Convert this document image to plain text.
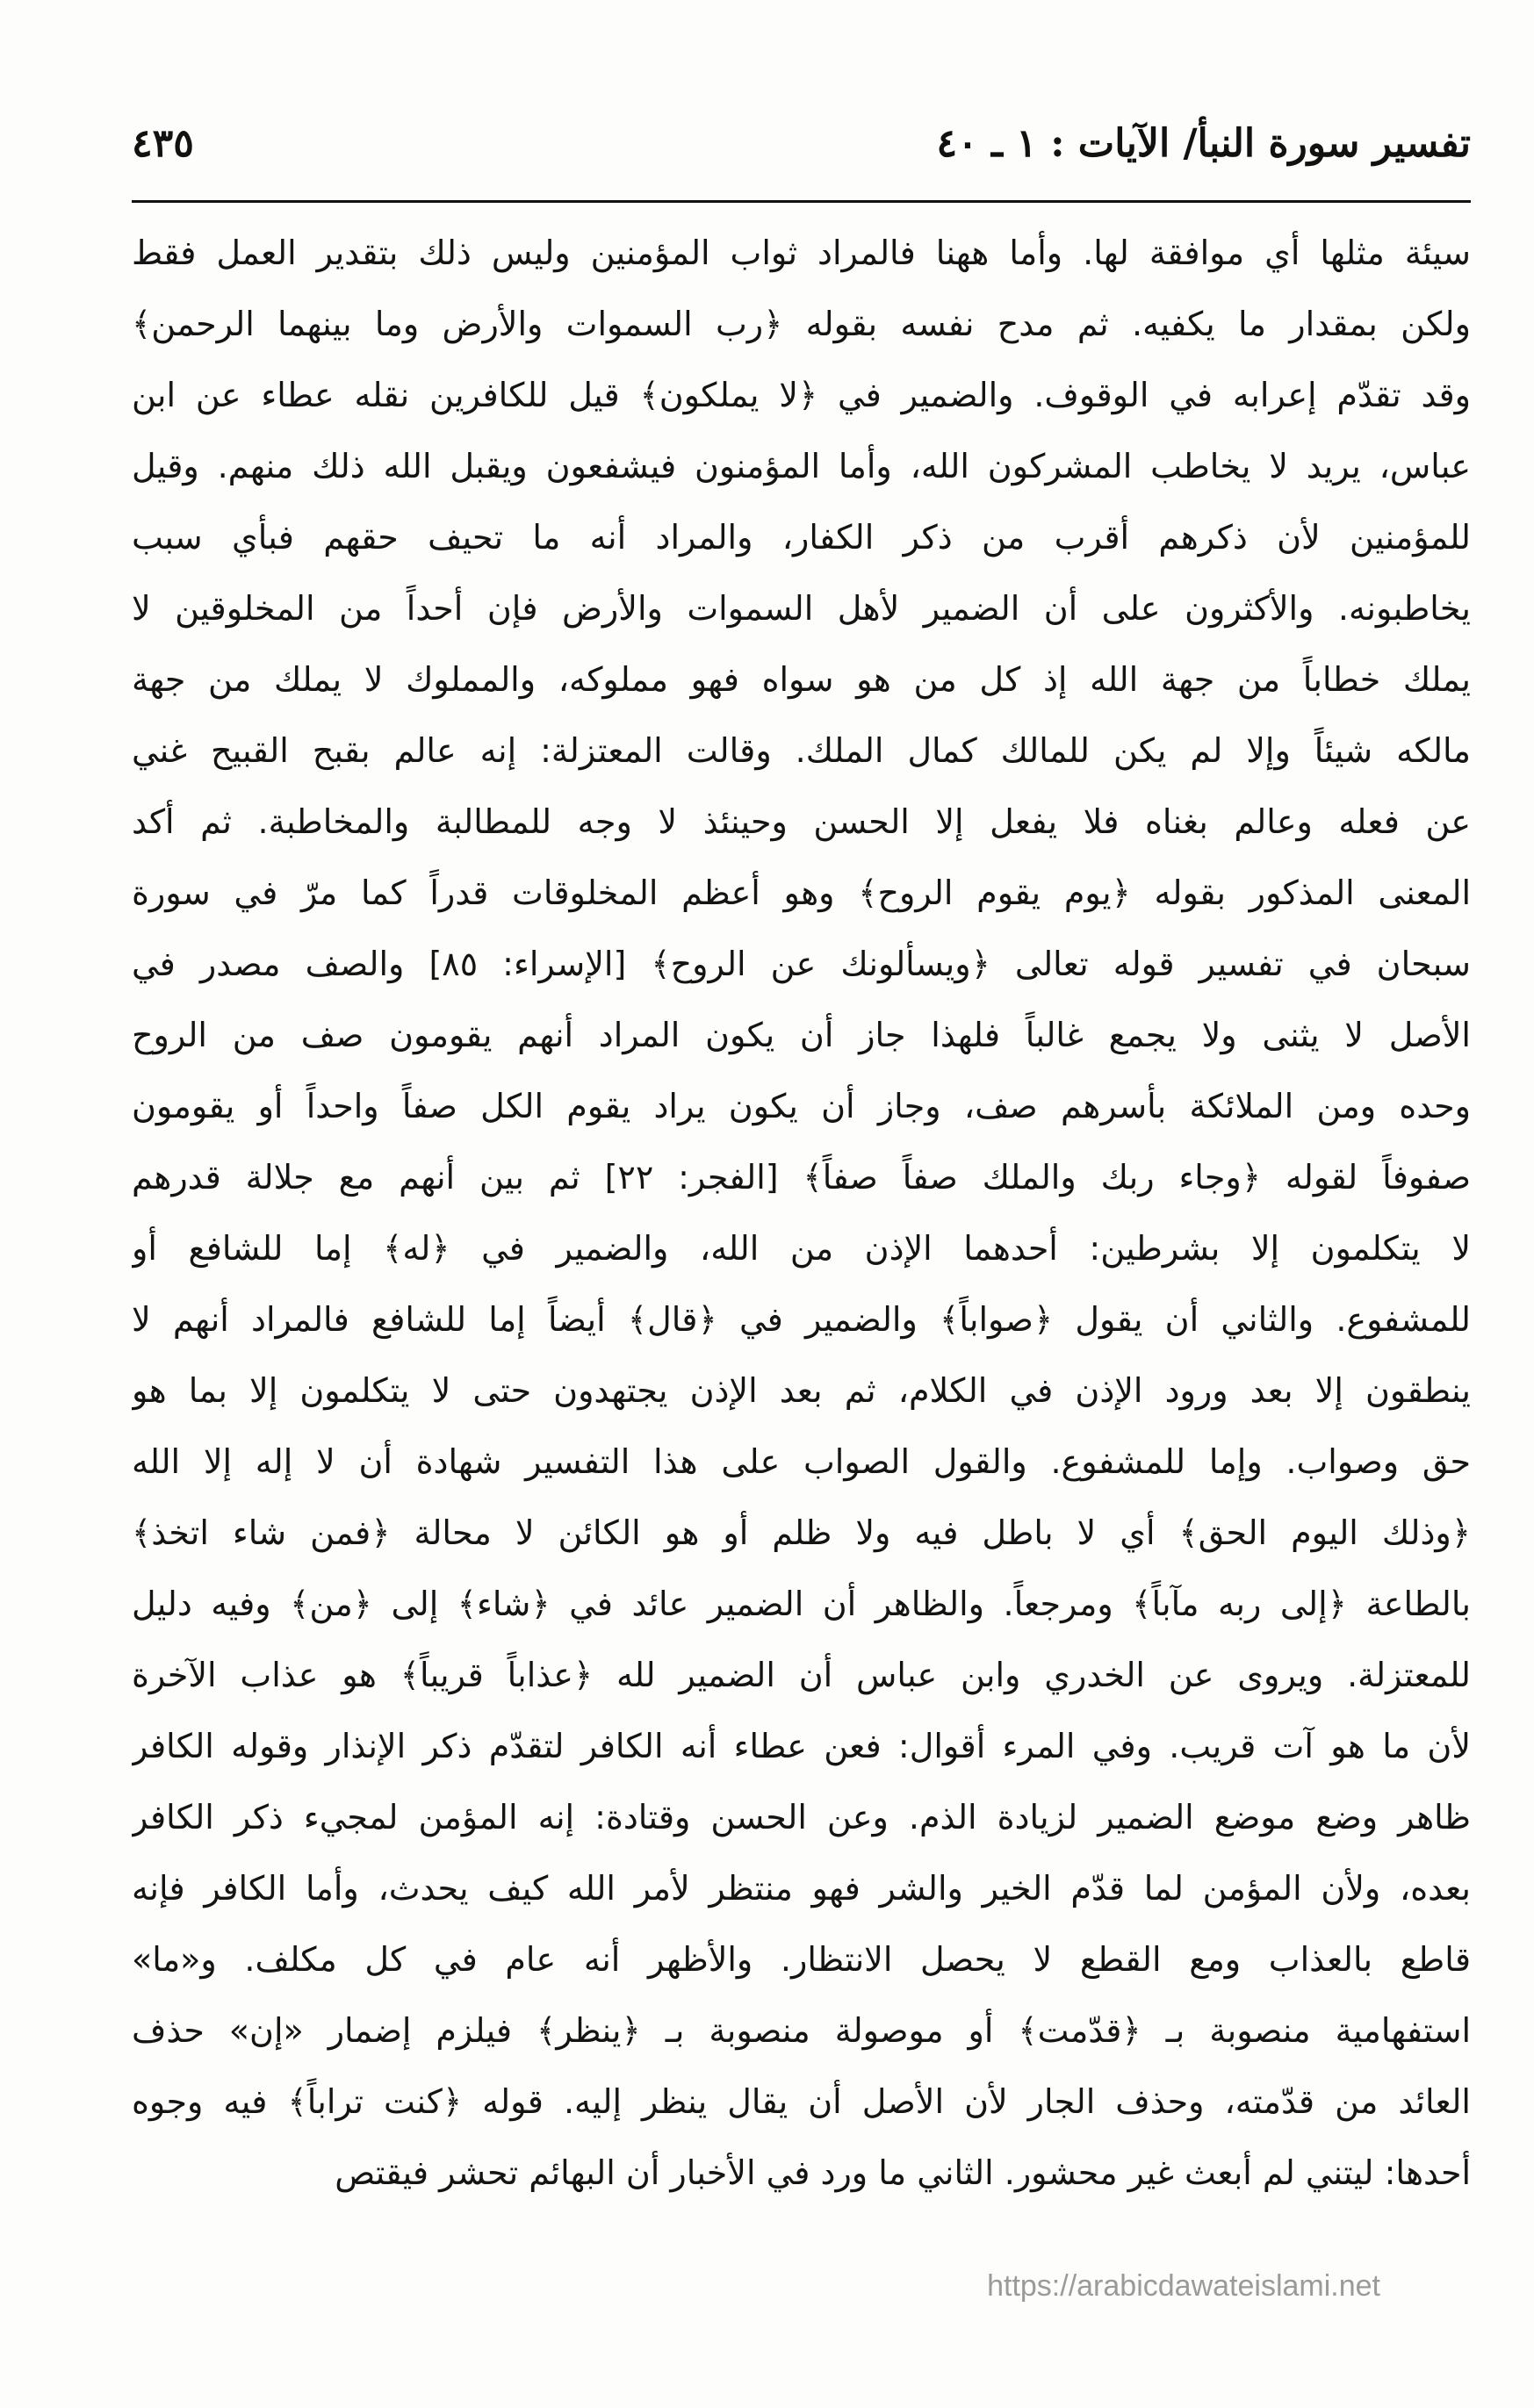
تفسير سورة النبأ/ الآيات : ١ ـ ٤٠
٤٣٥
سيئة مثلها أي موافقة لها. وأما ههنا فالمراد ثواب المؤمنين وليس ذلك بتقدير العمل فقط
ولكن بمقدار ما يكفيه. ثم مدح نفسه بقوله ﴿رب السموات والأرض وما بينهما الرحمن﴾
وقد تقدّم إعرابه في الوقوف. والضمير في ﴿لا يملكون﴾ قيل للكافرين نقله عطاء عن ابن
عباس، يريد لا يخاطب المشركون الله، وأما المؤمنون فيشفعون ويقبل الله ذلك منهم. وقيل
للمؤمنين لأن ذكرهم أقرب من ذكر الكفار، والمراد أنه ما تحيف حقهم فبأي سبب
يخاطبونه. والأكثرون على أن الضمير لأهل السموات والأرض فإن أحداً من المخلوقين لا
يملك خطاباً من جهة الله إذ كل من هو سواه فهو مملوكه، والمملوك لا يملك من جهة
مالكه شيئاً وإلا لم يكن للمالك كمال الملك. وقالت المعتزلة: إنه عالم بقبح القبيح غني
عن فعله وعالم بغناه فلا يفعل إلا الحسن وحينئذ لا وجه للمطالبة والمخاطبة. ثم أكد
المعنى المذكور بقوله ﴿يوم يقوم الروح﴾ وهو أعظم المخلوقات قدراً كما مرّ في سورة
سبحان في تفسير قوله تعالى ﴿ويسألونك عن الروح﴾ [الإسراء: ٨٥] والصف مصدر في
الأصل لا يثنى ولا يجمع غالباً فلهذا جاز أن يكون المراد أنهم يقومون صف من الروح
وحده ومن الملائكة بأسرهم صف، وجاز أن يكون يراد يقوم الكل صفاً واحداً أو يقومون
صفوفاً لقوله ﴿وجاء ربك والملك صفاً صفاً﴾ [الفجر: ٢٢] ثم بين أنهم مع جلالة قدرهم
لا يتكلمون إلا بشرطين: أحدهما الإذن من الله، والضمير في ﴿له﴾ إما للشافع أو
للمشفوع. والثاني أن يقول ﴿صواباً﴾ والضمير في ﴿قال﴾ أيضاً إما للشافع فالمراد أنهم لا
ينطقون إلا بعد ورود الإذن في الكلام، ثم بعد الإذن يجتهدون حتى لا يتكلمون إلا بما هو
حق وصواب. وإما للمشفوع. والقول الصواب على هذا التفسير شهادة أن لا إله إلا الله
﴿وذلك اليوم الحق﴾ أي لا باطل فيه ولا ظلم أو هو الكائن لا محالة ﴿فمن شاء اتخذ﴾
بالطاعة ﴿إلى ربه مآباً﴾ ومرجعاً. والظاهر أن الضمير عائد في ﴿شاء﴾ إلى ﴿من﴾ وفيه دليل
للمعتزلة. ويروى عن الخدري وابن عباس أن الضمير لله ﴿عذاباً قريباً﴾ هو عذاب الآخرة
لأن ما هو آت قريب. وفي المرء أقوال: فعن عطاء أنه الكافر لتقدّم ذكر الإنذار وقوله الكافر
ظاهر وضع موضع الضمير لزيادة الذم. وعن الحسن وقتادة: إنه المؤمن لمجيء ذكر الكافر
بعده، ولأن المؤمن لما قدّم الخير والشر فهو منتظر لأمر الله كيف يحدث، وأما الكافر فإنه
قاطع بالعذاب ومع القطع لا يحصل الانتظار. والأظهر أنه عام في كل مكلف. و«ما»
استفهامية منصوبة بـ ﴿قدّمت﴾ أو موصولة منصوبة بـ ﴿ينظر﴾ فيلزم إضمار «إن» حذف
العائد من قدّمته، وحذف الجار لأن الأصل أن يقال ينظر إليه. قوله ﴿كنت تراباً﴾ فيه وجوه
أحدها: ليتني لم أبعث غير محشور. الثاني ما ورد في الأخبار أن البهائم تحشر فيقتص
https://arabicdawateislami.net
